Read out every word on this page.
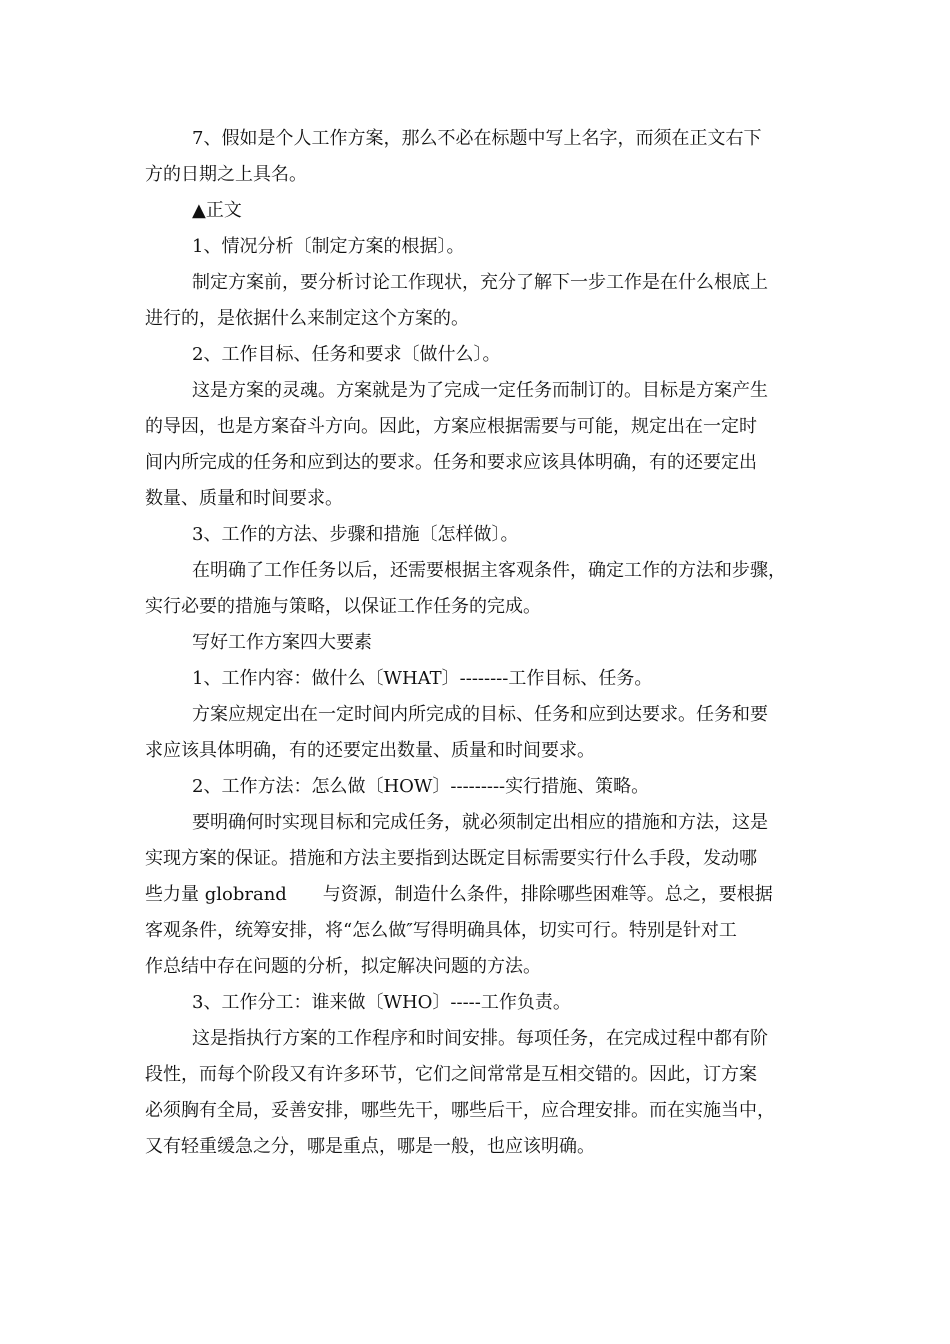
7、假如是个人工作方案，那么不必在标题中写上名字，而须在正文右下
方的日期之上具名。
▲正文
1、情况分析〔制定方案的根据〕。
制定方案前，要分析讨论工作现状，充分了解下一步工作是在什么根底上
进行的，是依据什么来制定这个方案的。
2、工作目标、任务和要求〔做什么〕。
这是方案的灵魂。方案就是为了完成一定任务而制订的。目标是方案产生
的导因，也是方案奋斗方向。因此，方案应根据需要与可能，规定出在一定时
间内所完成的任务和应到达的要求。任务和要求应该具体明确，有的还要定出
数量、质量和时间要求。
3、工作的方法、步骤和措施〔怎样做〕。
在明确了工作任务以后，还需要根据主客观条件，确定工作的方法和步骤，
实行必要的措施与策略，以保证工作任务的完成。
写好工作方案四大要素
1、工作内容：做什么〔WHAT〕--------工作目标、任务。
方案应规定出在一定时间内所完成的目标、任务和应到达要求。任务和要
求应该具体明确，有的还要定出数量、质量和时间要求。
2、工作方法：怎么做〔HOW〕---------实行措施、策略。
要明确何时实现目标和完成任务，就必须制定出相应的措施和方法，这是
实现方案的保证。措施和方法主要指到达既定目标需要实行什么手段，发动哪
些力量 globrand　　与资源，制造什么条件，排除哪些困难等。总之，要根据
客观条件，统筹安排，将“怎么做″写得明确具体，切实可行。特别是针对工
作总结中存在问题的分析，拟定解决问题的方法。
3、工作分工：谁来做〔WHO〕-----工作负责。
这是指执行方案的工作程序和时间安排。每项任务，在完成过程中都有阶
段性，而每个阶段又有许多环节，它们之间常常是互相交错的。因此，订方案
必须胸有全局，妥善安排，哪些先干，哪些后干，应合理安排。而在实施当中，
又有轻重缓急之分，哪是重点，哪是一般，也应该明确。
